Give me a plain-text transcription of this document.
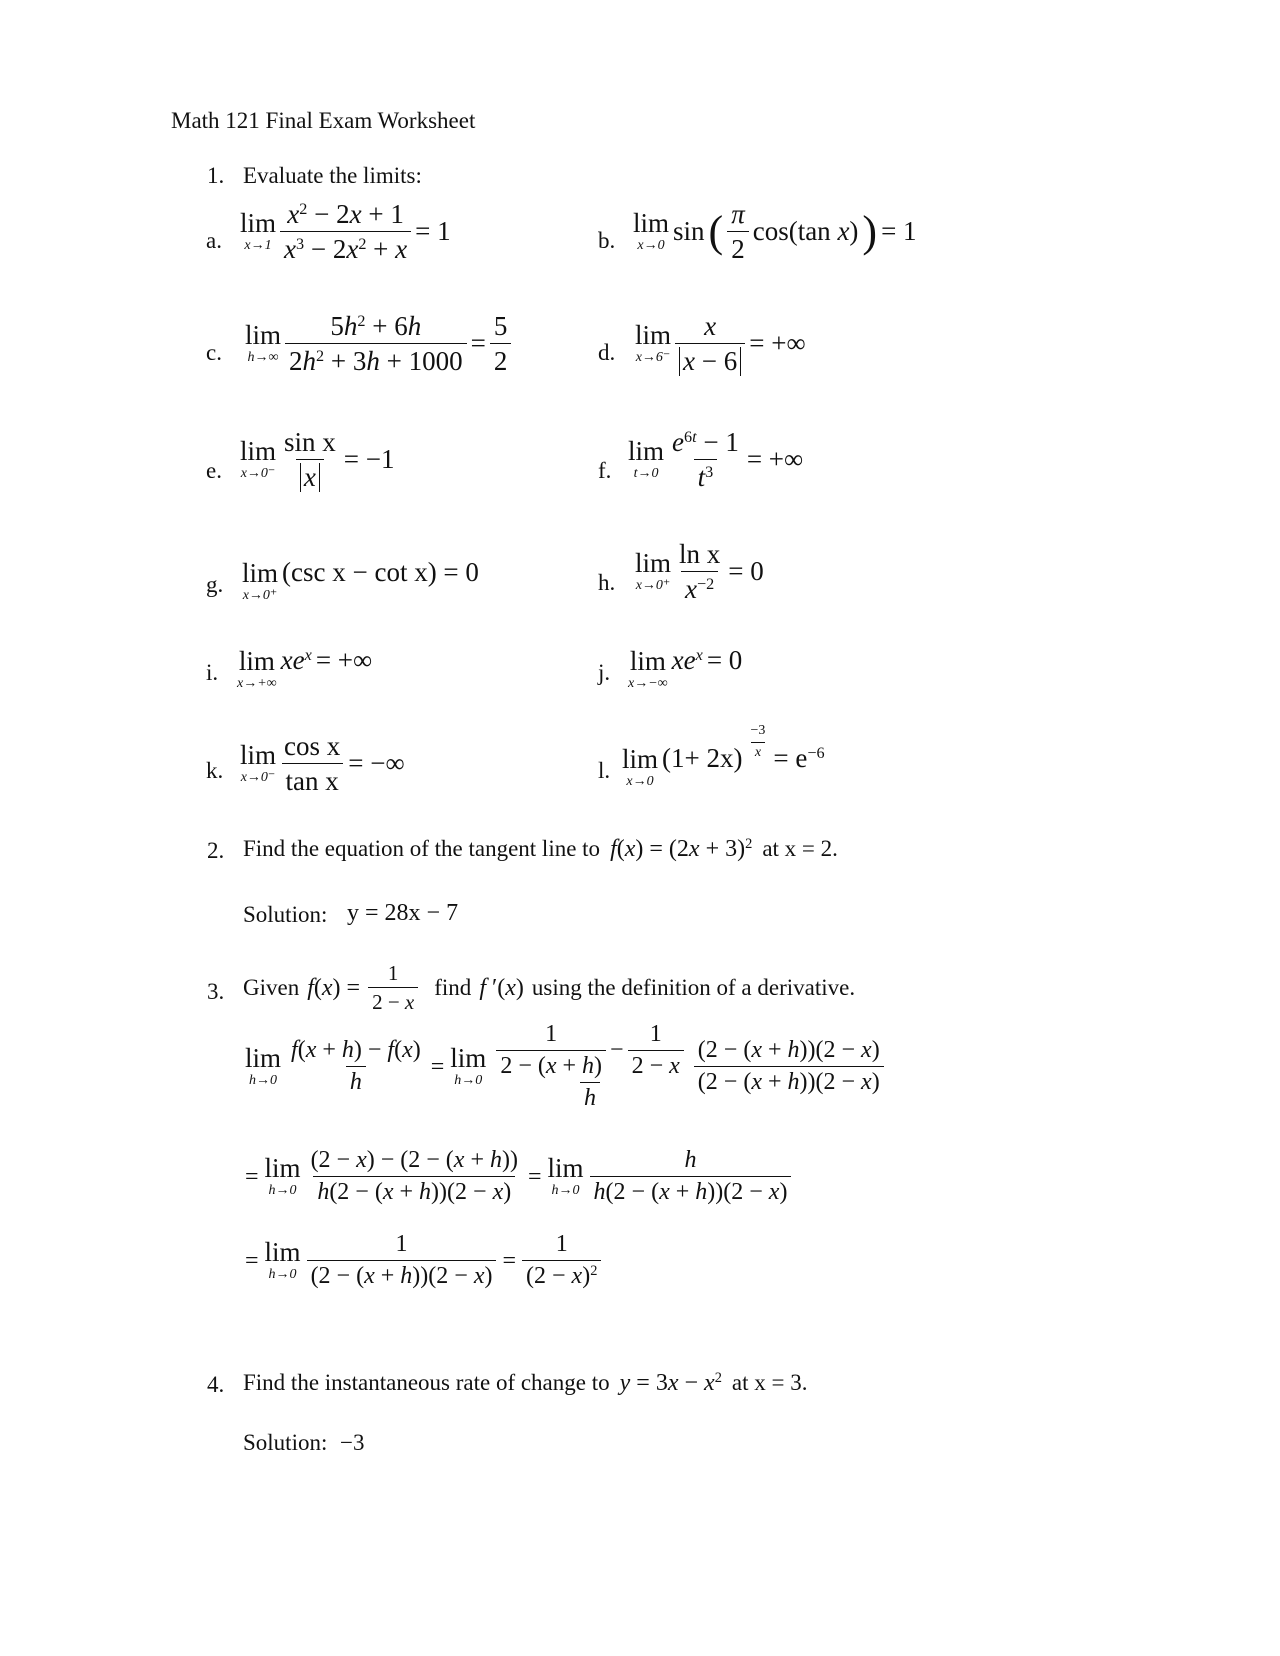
Math 121 Final Exam Worksheet
1. Evaluate the limits:
a.
lim
$x\to 1 \frac{x^2 - 2x + 1}{x^3 - 2x^2 + x} = 1$	b.
lim
x→0 sin ( π
2
cos(tan x) ) = 1
c.
lim
$h\to\infty \frac{5h^2 + 6h}{2h^2 + 3h + 1000} = \frac{5}{2}$	d.
lim
$x\to 6^- \frac{x}{x - 6}$ = +∞
e.
lim
$x\to 0^- \frac{\text{sin x}}{x} = -1$	f.
lim
$t\to 0 \frac{e^{6t} - 1}{t^3}$ = +∞
g. lim
x→0⁺
(csc x − cot x) = 0	h.
lim
$x\to 0^+ \frac{\text{ln x}}{x^{-2}} = 0$
i. lim
x→+∞
$xe^x$ = +∞	j. lim
x→−∞
$xe^x = 0$
k.
lim
$x\to 0^- \frac{\text{cos x}}{\text{tan x}}$ = −∞	l. lim
x→0
$(1+ 2x) \frac{-3}{x} = e^{-6}$
2. Find the equation of the tangent line to $f(x) = (2x + 3)^2$ at x = 2.
Solution: y = 28x − 7
3. Given $f(x) = \frac{1}{2 - x}$ find f ′(x) using the definition of a derivative.
lim
$h\to 0 \frac{f(x + h) - f(x)}{h} = \lim$
h→0
1
2 − (x + h)
− $\frac{1}{2 - x}$
h
(2 − (x + h))(2 − x)
(2 − (x + h))(2 − x)
= lim
$h\to 0 \frac{(2 - x) - (2 - (x + h))}{h(2 - (x + h))(2 - x)} = \lim$
h→0
h
h(2 − (x + h))(2 − x)
= lim
$h\to 0 \frac{1}{(2 - (x + h))(2 - x)} = \frac{1}{(2 - x)^2}$
4. Find the instantaneous rate of change to $y = 3x - x^2$ at x = 3.
Solution: −3
